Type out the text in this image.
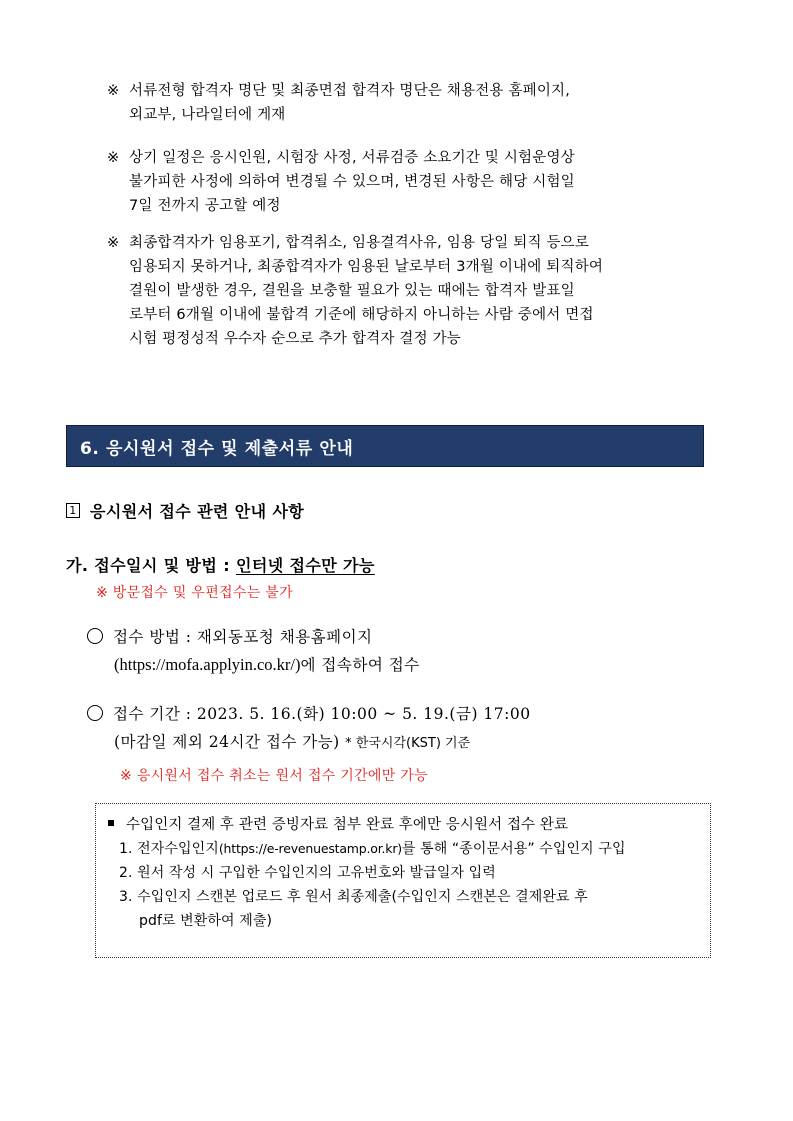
※ 서류전형 합격자 명단 및 최종면접 합격자 명단은 채용전용 홈페이지,
외교부, 나라일터에 게재
※ 상기 일정은 응시인원, 시험장 사정, 서류검증 소요기간 및 시험운영상
불가피한 사정에 의하여 변경될 수 있으며, 변경된 사항은 해당 시험일
7일 전까지 공고할 예정
※ 최종합격자가 임용포기, 합격취소, 임용결격사유, 임용 당일 퇴직 등으로
임용되지 못하거나, 최종합격자가 임용된 날로부터 3개월 이내에 퇴직하여
결원이 발생한 경우, 결원을 보충할 필요가 있는 때에는 합격자 발표일
로부터 6개월 이내에 불합격 기준에 해당하지 아니하는 사람 중에서 면접
시험 평정성적 우수자 순으로 추가 합격자 결정 가능
6. 응시원서 접수 및 제출서류 안내
1 응시원서 접수 관련 안내 사항
가. 접수일시 및 방법 : 인터넷 접수만 가능
※ 방문접수 및 우편접수는 불가
접수 방법 : 재외동포청 채용홈페이지
(https://mofa.applyin.co.kr/)에 접속하여 접수
접수 기간 : 2023. 5. 16.(화) 10:00 ~ 5. 19.(금) 17:00
(마감일 제외 24시간 접수 가능) * 한국시각(KST) 기준
※ 응시원서 접수 취소는 원서 접수 기간에만 가능
수입인지 결제 후 관련 증빙자료 첨부 완료 후에만 응시원서 접수 완료
1. 전자수입인지(https://e-revenuestamp.or.kr)를 통해 “종이문서용” 수입인지 구입
2. 원서 작성 시 구입한 수입인지의 고유번호와 발급일자 입력
3. 수입인지 스캔본 업로드 후 원서 최종제출(수입인지 스캔본은 결제완료 후
pdf로 변환하여 제출)
